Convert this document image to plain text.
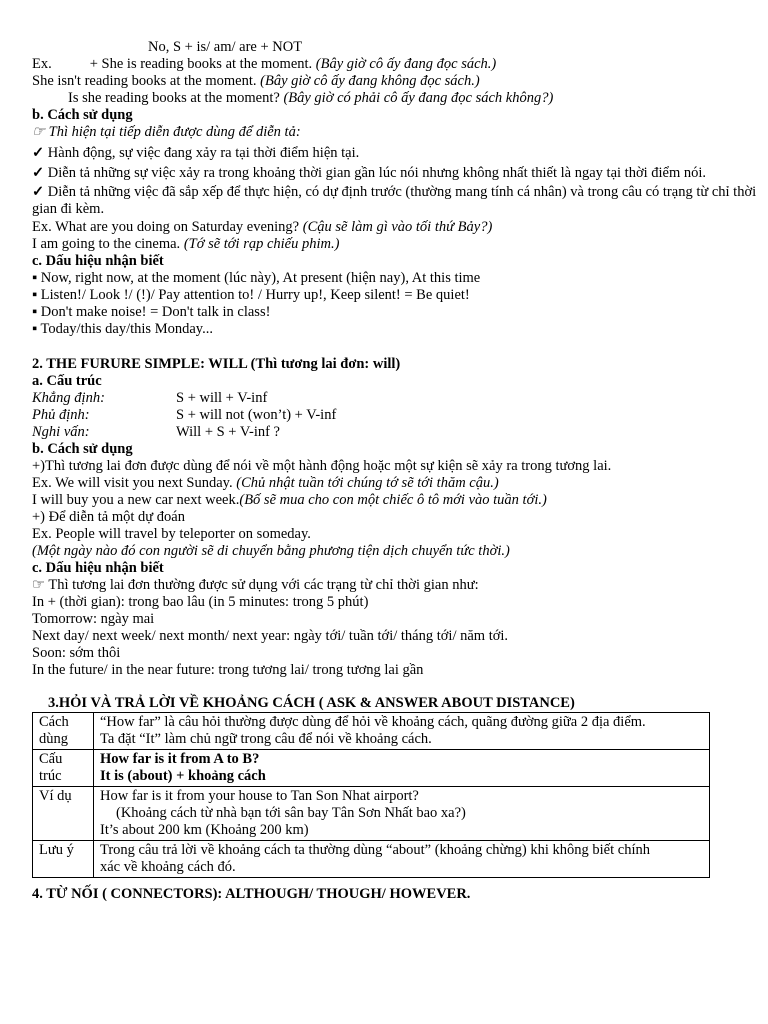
No, S + is/ am/ are + NOT
Ex.	+ She is reading books at the moment. (Bây giờ cô ấy đang đọc sách.)
She isn't reading books at the moment. (Bây giờ cô ấy đang không đọc sách.)
Is she reading books at the moment? (Bây giờ có phải cô ấy đang đọc sách không?)
b. Cách sử dụng
☞ Thì hiện tại tiếp diễn được dùng để diễn tả:
✓ Hành động, sự việc đang xảy ra tại thời điểm hiện tại.
✓ Diễn tả những sự việc xảy ra trong khoảng thời gian gần lúc nói nhưng không nhất thiết là ngay tại thời điểm nói.
✓ Diễn tả những việc đã sắp xếp để thực hiện, có dự định trước (thường mang tính cá nhân) và trong câu có trạng từ chỉ thời gian đi kèm.
Ex. What are you doing on Saturday evening? (Cậu sẽ làm gì vào tối thứ Bảy?)
I am going to the cinema. (Tớ sẽ tới rạp chiếu phim.)
c. Dấu hiệu nhận biết
▪ Now, right now, at the moment (lúc này), At present (hiện nay), At this time
▪ Listen!/ Look !/ (!)/ Pay attention to! / Hurry up!, Keep silent! = Be quiet!
▪ Don't make noise! = Don't talk in class!
▪ Today/this day/this Monday...
2. THE FURURE SIMPLE: WILL (Thì tương lai đơn: will)
a. Cấu trúc
Khẳng định:	S + will + V-inf
Phủ định:	S + will not (won’t) + V-inf
Nghi vấn:	Will + S + V-inf ?
b. Cách sử dụng
+)Thì tương lai đơn được dùng để nói về một hành động hoặc một sự kiện sẽ xảy ra trong tương lai.
Ex. We will visit you next Sunday. (Chủ nhật tuần tới chúng tớ sẽ tới thăm cậu.)
I will buy you a new car next week.(Bố sẽ mua cho con một chiếc ô tô mới vào tuần tới.)
+) Để diễn tả một dự đoán
Ex. People will travel by teleporter on someday.
(Một ngày nào đó con người sẽ di chuyển bằng phương tiện dịch chuyển tức thời.)
c. Dấu hiệu nhận biết
☞ Thì tương lai đơn thường được sử dụng với các trạng từ chỉ thời gian như:
In + (thời gian): trong bao lâu (in 5 minutes: trong 5 phút)
Tomorrow: ngày mai
Next day/ next week/ next month/ next year: ngày tới/ tuần tới/ tháng tới/ năm tới.
Soon: sớm thôi
In the future/ in the near future: trong tương lai/ trong tương lai gần
3.HỎI VÀ TRẢ LỜI VỀ KHOẢNG CÁCH ( ASK & ANSWER ABOUT DISTANCE)
Cách
dùng	“How far” là câu hỏi thường được dùng để hỏi về khoảng cách, quãng đường giữa 2 địa điểm.
Ta đặt “It” làm chủ ngữ trong câu để nói về khoảng cách.
Cấu
trúc	How far is it from A to B?
It is (about) + khoảng cách
Ví dụ	How far is it from your house to Tan Son Nhat airport?
(Khoảng cách từ nhà bạn tới sân bay Tân Sơn Nhất bao xa?)
It’s about 200 km (Khoảng 200 km)
Lưu ý	Trong câu trả lời về khoảng cách ta thường dùng “about” (khoảng chừng) khi không biết chính
xác về khoảng cách đó.
4. TỪ NỐI ( CONNECTORS): ALTHOUGH/ THOUGH/ HOWEVER.
